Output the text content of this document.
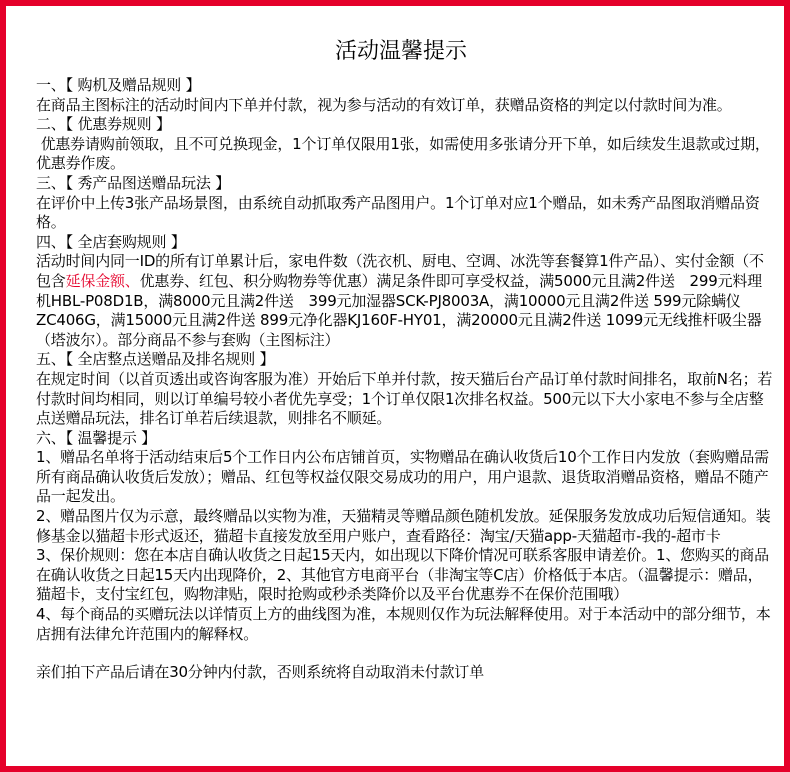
活动温馨提示

一、【 购机及赠品规则 】

在商品主图标注的活动时间内下单并付款，视为参与活动的有效订单，获赠品资格的判定以付款时间为准。

二、【 优惠券规则 】

优惠券请购前领取，且不可兑换现金，1个订单仅限用1张，如需使用多张请分开下单，如后续发生退款或过期，优惠券作废。

三、【 秀产品图送赠品玩法 】

在评价中上传3张产品场景图，由系统自动抓取秀产品图用户。1个订单对应1个赠品，如未秀产品图取消赠品资格。

四、【 全店套购规则 】

活动时间内同一ID的所有订单累计后，家电件数（洗衣机、厨电、空调、冰洗等套餐算1件产品）、实付金额（不包含延保金额、优惠券、红包、积分购物券等优惠）满足条件即可享受权益，满5000元且满2件送　299元料理机HBL-P08D1B，满8000元且满2件送　399元加湿器SCK-PJ8003A，满10000元且满2件送 599元除螨仪ZC406G，满15000元且满2件送 899元净化器KJ160F-HY01，满20000元且满2件送 1099元无线推杆吸尘器（塔波尔）。部分商品不参与套购（主图标注）

五、【 全店整点送赠品及排名规则 】

在规定时间（以首页透出或咨询客服为准）开始后下单并付款，按天猫后台产品订单付款时间排名，取前N名；若付款时间均相同，则以订单编号较小者优先享受；1个订单仅限1次排名权益。500元以下大小家电不参与全店整点送赠品玩法，排名订单若后续退款，则排名不顺延。

六、【 温馨提示 】

1、赠品名单将于活动结束后5个工作日内公布店铺首页，实物赠品在确认收货后10个工作日内发放（套购赠品需所有商品确认收货后发放）；赠品、红包等权益仅限交易成功的用户，用户退款、退货取消赠品资格，赠品不随产品一起发出。

2、赠品图片仅为示意，最终赠品以实物为准，天猫精灵等赠品颜色随机发放。延保服务发放成功后短信通知。装修基金以猫超卡形式返还，猫超卡直接发放至用户账户，查看路径：淘宝/天猫app-天猫超市-我的-超市卡

3、保价规则：您在本店自确认收货之日起15天内，如出现以下降价情况可联系客服申请差价。1、您购买的商品在确认收货之日起15天内出现降价，2、其他官方电商平台（非淘宝等C店）价格低于本店。（温馨提示：赠品，猫超卡，支付宝红包，购物津贴，限时抢购或秒杀类降价以及平台优惠券不在保价范围哦）

4、每个商品的买赠玩法以详情页上方的曲线图为准，本规则仅作为玩法解释使用。对于本活动中的部分细节，本店拥有法律允许范围内的解释权。

亲们拍下产品后请在30分钟内付款，否则系统将自动取消未付款订单
